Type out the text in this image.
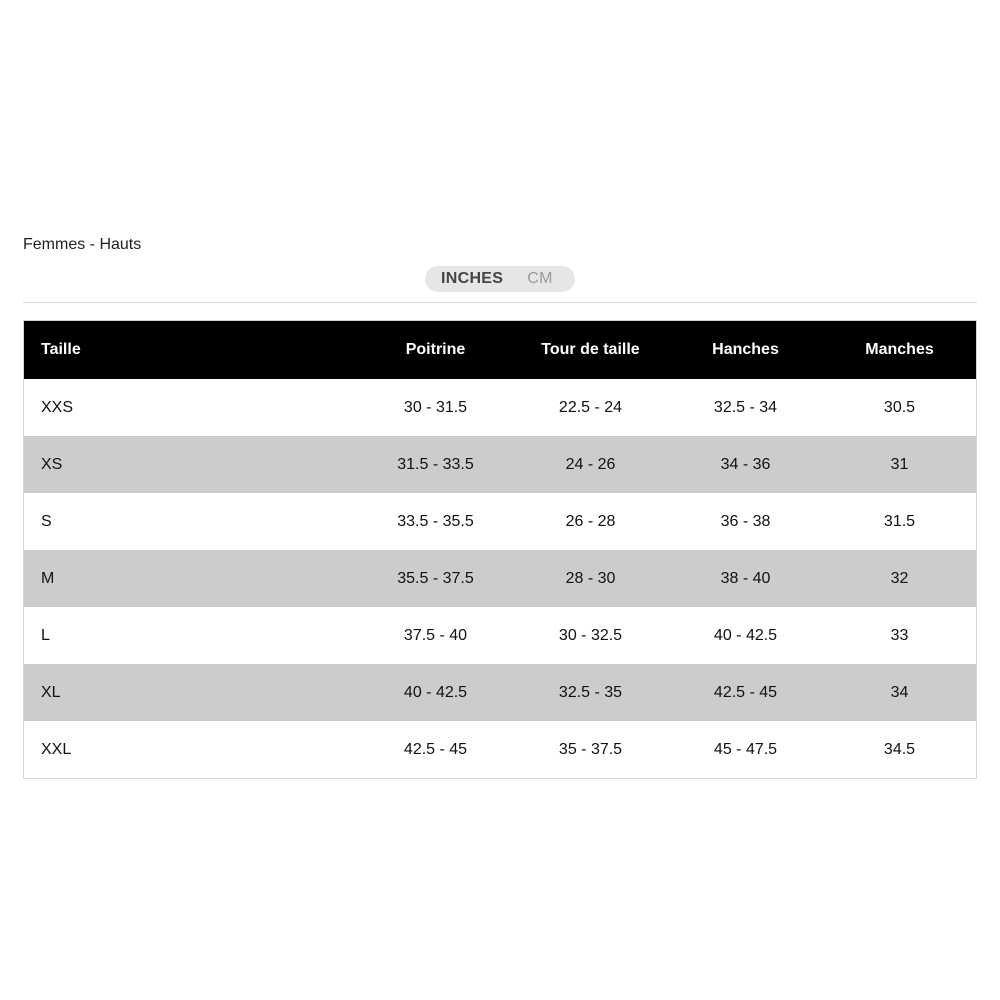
Femmes - Hauts
INCHES CM
Taille	Poitrine	Tour de taille	Hanches	Manches
XXS	30 - 31.5	22.5 - 24	32.5 - 34	30.5
XS	31.5 - 33.5	24 - 26	34 - 36	31
S	33.5 - 35.5	26 - 28	36 - 38	31.5
M	35.5 - 37.5	28 - 30	38 - 40	32
L	37.5 - 40	30 - 32.5	40 - 42.5	33
XL	40 - 42.5	32.5 - 35	42.5 - 45	34
XXL	42.5 - 45	35 - 37.5	45 - 47.5	34.5
